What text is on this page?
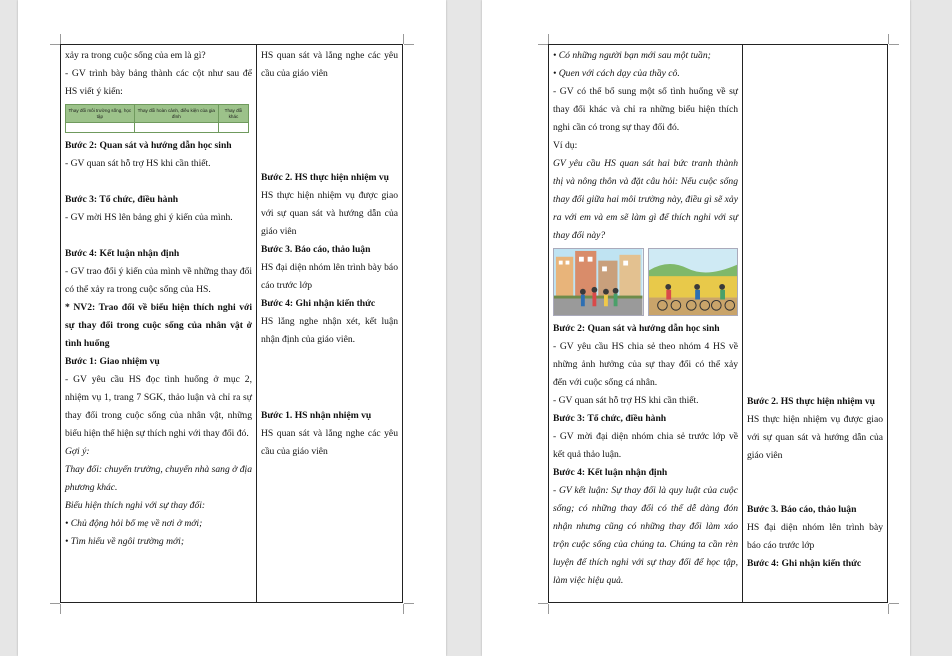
xảy ra trong cuộc sống của em là gì?

- GV trình bày bảng thành các cột như sau để HS viết ý kiến:

Thay đổi môi trường sống, học tập	Thay đổi hoàn cảnh, điều kiện của gia đình	Thay đổi khác

Bước 2: Quan sát và hướng dẫn học sinh

- GV quan sát hỗ trợ HS khi cần thiết.

Bước 3: Tổ chức, điều hành

- GV mời HS lên bảng ghi ý kiến của mình.

Bước 4: Kết luận nhận định

- GV trao đổi ý kiến của mình về những thay đổi có thể xảy ra trong cuộc sống của HS.

* NV2: Trao đổi về biểu hiện thích nghi với sự thay đổi trong cuộc sống của nhân vật ở tình huống

Bước 1: Giao nhiệm vụ

- GV yêu cầu HS đọc tình huống ở mục 2, nhiệm vụ 1, trang 7 SGK, thảo luận và chỉ ra sự thay đổi trong cuộc sống của nhân vật, những biểu hiện thể hiện sự thích nghi với thay đổi đó.

Gợi ý:

Thay đổi: chuyển trường, chuyển nhà sang ở địa phương khác.

Biểu hiện thích nghi với sự thay đổi:

• Chủ động hỏi bố mẹ về nơi ở mới;

• Tìm hiểu về ngôi trường mới;

HS quan sát và lắng nghe các yêu cầu của giáo viên

Bước 2. HS thực hiện nhiệm vụ

HS thực hiện nhiệm vụ được giao với sự quan sát và hướng dẫn của giáo viên

Bước 3. Báo cáo, thảo luận

HS đại diện nhóm lên trình bày báo cáo trước lớp

Bước 4: Ghi nhận kiến thức

HS lắng nghe nhận xét, kết luận nhận định của giáo viên.

Bước 1. HS nhận nhiệm vụ

HS quan sát và lắng nghe các yêu cầu của giáo viên

• Có những người bạn mới sau một tuần;

• Quen với cách dạy của thầy cô.

- GV có thể bổ sung một số tình huống về sự thay đổi khác và chỉ ra những biểu hiện thích nghi cần có trong sự thay đổi đó.

Ví dụ:

GV yêu cầu HS quan sát hai bức tranh thành thị và nông thôn và đặt câu hỏi: Nếu cuộc sống thay đổi giữa hai môi trường này, điều gì sẽ xảy ra với em và em sẽ làm gì để thích nghi với sự thay đổi này?

Bước 2: Quan sát và hướng dẫn học sinh

- GV yêu cầu HS chia sẻ theo nhóm 4 HS về những ảnh hưởng của sự thay đổi có thể xảy đến với cuộc sống cá nhân.

- GV quan sát hỗ trợ HS khi cần thiết.

Bước 3: Tổ chức, điều hành

- GV mời đại diện nhóm chia sẻ trước lớp về kết quả thảo luận.

Bước 4: Kết luận nhận định

- GV kết luận: Sự thay đổi là quy luật của cuộc sống; có những thay đổi có thể dễ dàng đón nhận nhưng cũng có những thay đổi làm xáo trộn cuộc sống của chúng ta. Chúng ta cần rèn luyện để thích nghi với sự thay đổi để học tập, làm việc hiệu quả.

Bước 2. HS thực hiện nhiệm vụ

HS thực hiện nhiệm vụ được giao với sự quan sát và hướng dẫn của giáo viên

Bước 3. Báo cáo, thảo luận

HS đại diện nhóm lên trình bày báo cáo trước lớp

Bước 4: Ghi nhận kiến thức
